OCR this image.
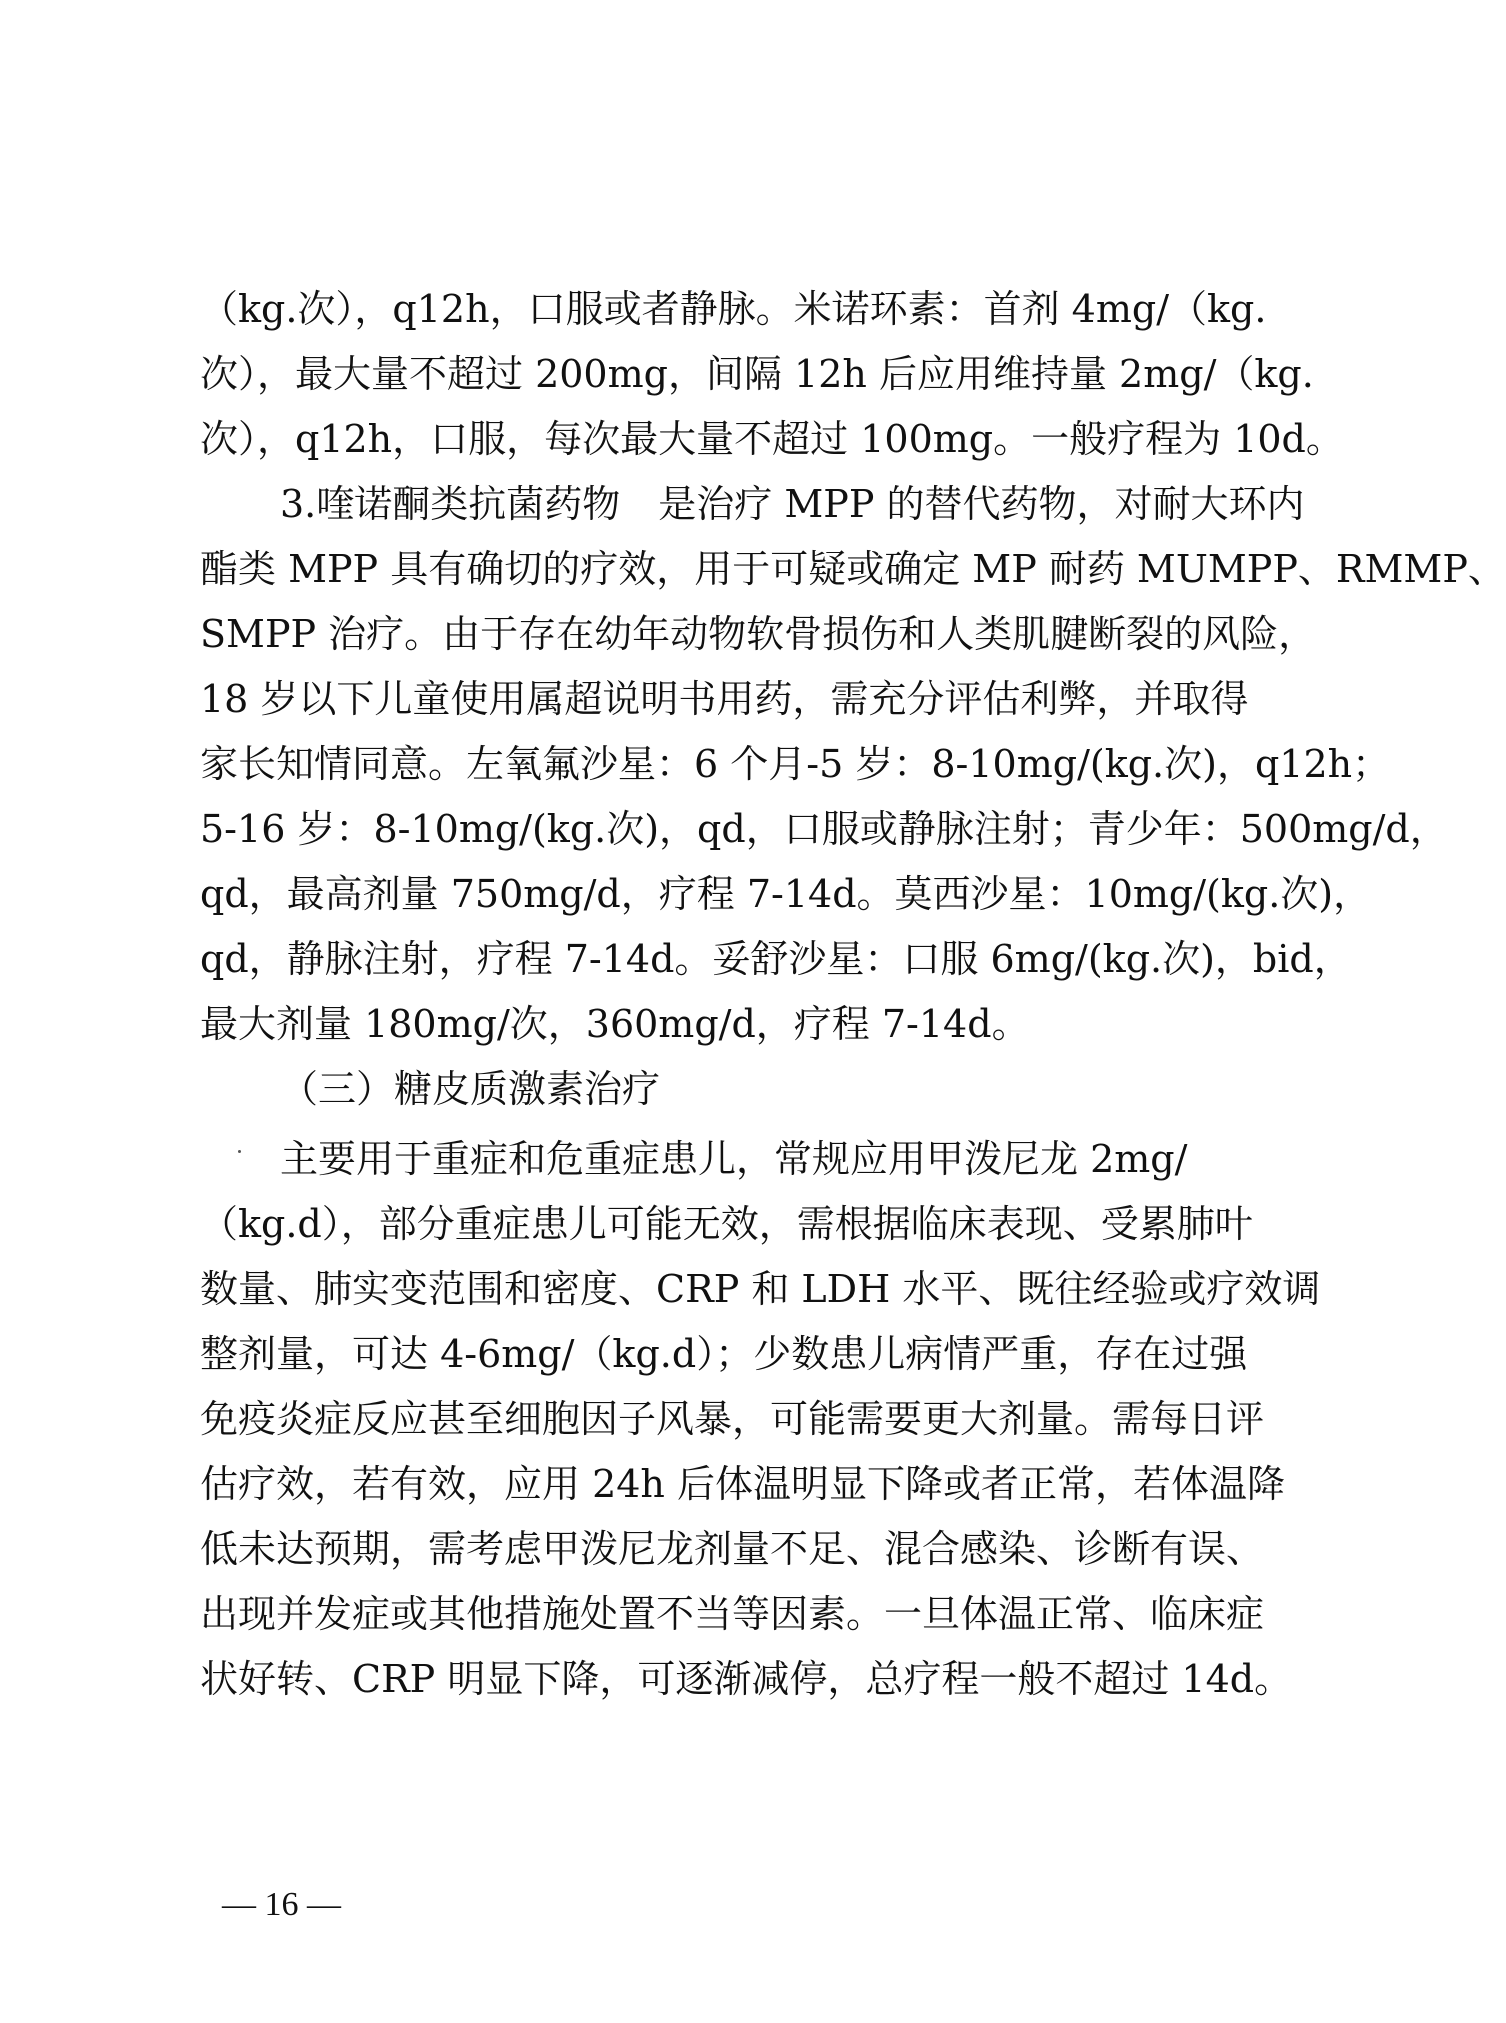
（kg.次），q12h，口服或者静脉。米诺环素：首剂 4mg/（kg.
次），最大量不超过 200mg，间隔 12h 后应用维持量 2mg/（kg.
次），q12h，口服，每次最大量不超过 100mg。一般疗程为 10d。
3.喹诺酮类抗菌药物　是治疗 MPP 的替代药物，对耐大环内
酯类 MPP 具有确切的疗效，用于可疑或确定 MP 耐药 MUMPP、RMMP、
SMPP 治疗。由于存在幼年动物软骨损伤和人类肌腱断裂的风险，
18 岁以下儿童使用属超说明书用药，需充分评估利弊，并取得
家长知情同意。左氧氟沙星：6 个月-5 岁：8-10mg/(kg.次)，q12h；
5-16 岁：8-10mg/(kg.次)，qd，口服或静脉注射；青少年：500mg/d，
qd，最高剂量 750mg/d，疗程 7-14d。莫西沙星：10mg/(kg.次)，
qd，静脉注射，疗程 7-14d。妥舒沙星：口服 6mg/(kg.次)，bid，
最大剂量 180mg/次，360mg/d，疗程 7-14d。
（三）糖皮质激素治疗
主要用于重症和危重症患儿，常规应用甲泼尼龙 2mg/
（kg.d），部分重症患儿可能无效，需根据临床表现、受累肺叶
数量、肺实变范围和密度、CRP 和 LDH 水平、既往经验或疗效调
整剂量，可达 4-6mg/（kg.d）；少数患儿病情严重，存在过强
免疫炎症反应甚至细胞因子风暴，可能需要更大剂量。需每日评
估疗效，若有效，应用 24h 后体温明显下降或者正常，若体温降
低未达预期，需考虑甲泼尼龙剂量不足、混合感染、诊断有误、
出现并发症或其他措施处置不当等因素。一旦体温正常、临床症
状好转、CRP 明显下降，可逐渐减停，总疗程一般不超过 14d。
— 16 —
